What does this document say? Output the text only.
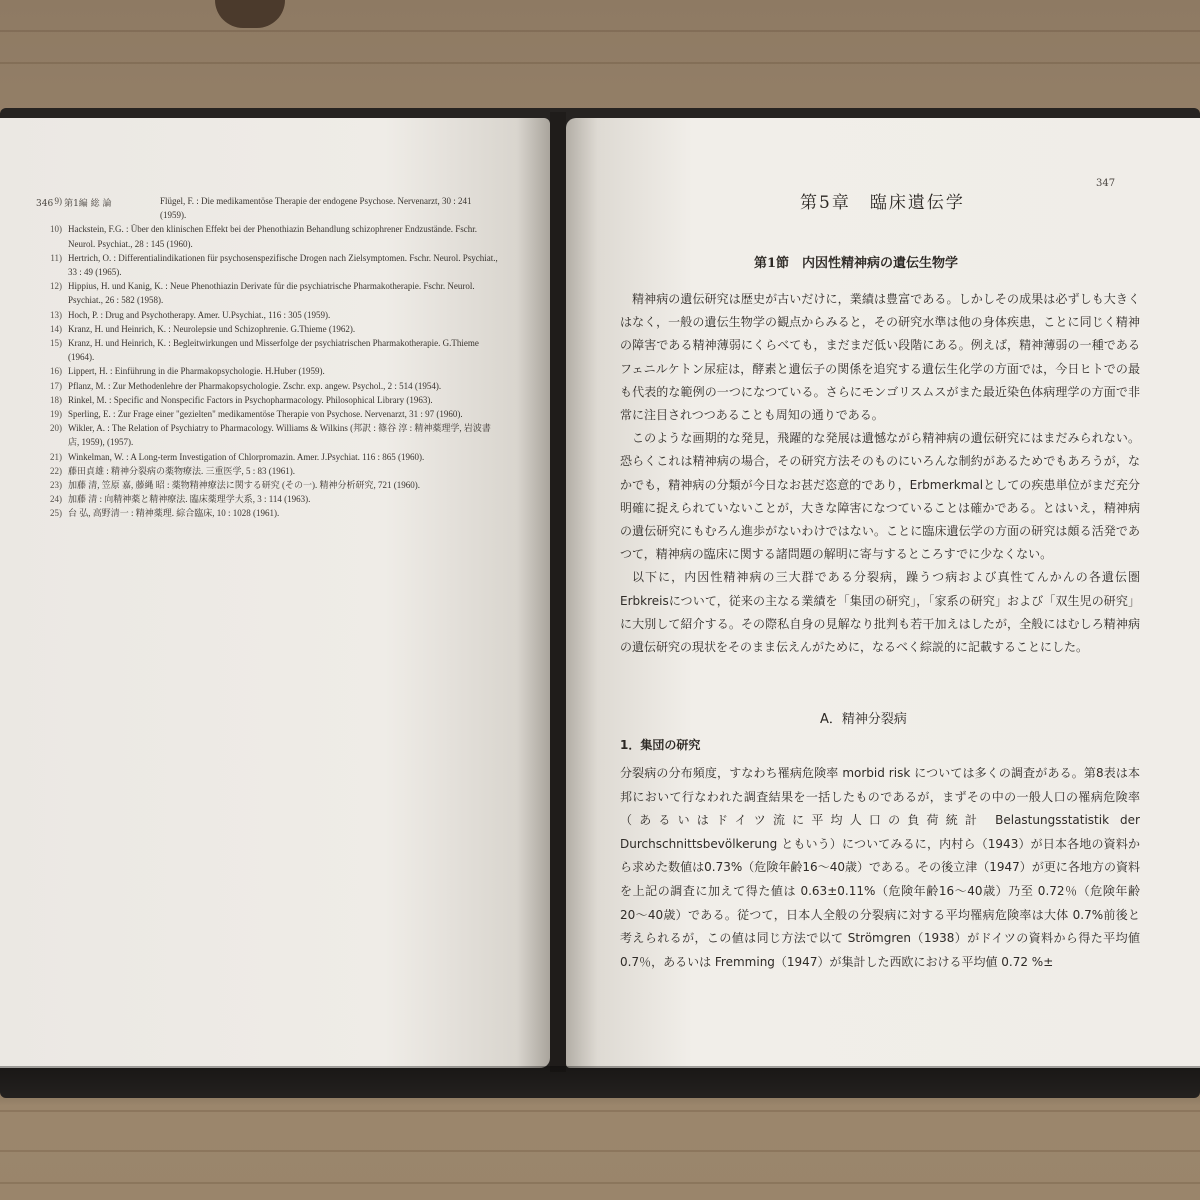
346 第1編 総 論
9)	Flügel, F. : Die medikamentöse Therapie der endogene Psychose. Nervenarzt, 30 : 241 (1959).
10) Hackstein, F.G. : Über den klinischen Effekt bei der Phenothiazin Behandlung schizophrener Endzustände. Fschr. Neurol. Psychiat., 28 : 145 (1960).
11) Hertrich, O. : Differentialindikationen für psychosenspezifische Drogen nach Zielsymptomen. Fschr. Neurol. Psychiat., 33 : 49 (1965).
12) Hippius, H. und Kanig, K. : Neue Phenothiazin Derivate für die psychiatrische Pharmakotherapie. Fschr. Neurol. Psychiat., 26 : 582 (1958).
13) Hoch, P. : Drug and Psychotherapy. Amer. U.Psychiat., 116 : 305 (1959).
14) Kranz, H. und Heinrich, K. : Neurolepsie und Schizophrenie. G.Thieme (1962).
15) Kranz, H. und Heinrich, K. : Begleitwirkungen und Misserfolge der psychiatrischen Pharmakotherapie. G.Thieme (1964).
16) Lippert, H. : Einführung in die Pharmakopsychologie. H.Huber (1959).
17) Pflanz, M. : Zur Methodenlehre der Pharmakopsychologie. Zschr. exp. angew. Psychol., 2 : 514 (1954).
18) Rinkel, M. : Specific and Nonspecific Factors in Psychopharmacology. Philosophical Library (1963).
19) Sperling, E. : Zur Frage einer "gezielten" medikamentöse Therapie von Psychose. Nervenarzt, 31 : 97 (1960).
20) Wikler, A. : The Relation of Psychiatry to Pharmacology. Williams & Wilkins (邦訳 : 篠谷 淳 : 精神薬理学, 岩波書店, 1959), (1957).
21) Winkelman, W. : A Long-term Investigation of Chlorpromazin. Amer. J.Psychiat. 116 : 865 (1960).
22) 藤田貞雄 : 精神分裂病の薬物療法. 三重医学, 5 : 83 (1961).
23) 加藤 清, 笠原 嘉, 藤縄 昭 : 薬物精神療法に関する研究 (その一). 精神分析研究, 721 (1960).
24) 加藤 清 : 向精神薬と精神療法. 臨床薬理学大系, 3 : 114 (1963).
25) 台 弘, 高野清一 : 精神薬理. 綜合臨床, 10 : 1028 (1961).
347
第5章　臨床遺伝学
第1節　内因性精神病の遺伝生物学

精神病の遺伝研究は歴史が古いだけに，業績は豊富である。しかしその成果は必ずしも大きくはなく，一般の遺伝生物学の観点からみると，その研究水準は他の身体疾患，ことに同じく精神の障害である精神薄弱にくらべても，まだまだ低い段階にある。例えば，精神薄弱の一種であるフェニルケトン尿症は，酵素と遺伝子の関係を追究する遺伝生化学の方面では，今日ヒトでの最も代表的な範例の一つになつている。さらにモンゴリスムスがまた最近染色体病理学の方面で非常に注目されつつあることも周知の通りである。

このような画期的な発見，飛躍的な発展は遺憾ながら精神病の遺伝研究にはまだみられない。恐らくこれは精神病の場合，その研究方法そのものにいろんな制約があるためでもあろうが，なかでも，精神病の分類が今日なお甚だ恣意的であり，Erbmerkmalとしての疾患単位がまだ充分明確に捉えられていないことが，大きな障害になつていることは確かである。とはいえ，精神病の遺伝研究にもむろん進歩がないわけではない。ことに臨床遺伝学の方面の研究は頗る活発であつて，精神病の臨床に関する諸問題の解明に寄与するところすでに少なくない。

以下に，内因性精神病の三大群である分裂病，躁うつ病および真性てんかんの各遺伝圏Erbkreisについて，従来の主なる業績を「集団の研究」，「家系の研究」および「双生児の研究」に大別して紹介する。その際私自身の見解なり批判も若干加えはしたが，全般にはむしろ精神病の遺伝研究の現状をそのまま伝えんがために，なるべく綜説的に記載することにした。

A．精神分裂病
1．集団の研究

分裂病の分布頻度，すなわち罹病危険率 morbid risk については多くの調査がある。第8表は本邦において行なわれた調査結果を一括したものであるが，まずその中の一般人口の罹病危険率（あるいはドイツ流に平均人口の負荷統計 Belastungsstatistik der Durchschnittsbevölkerung ともいう）についてみるに，内村ら（1943）が日本各地の資料から求めた数値は0.73%（危険年齢16〜40歳）である。その後立津（1947）が更に各地方の資料を上記の調査に加えて得た値は 0.63±0.11%（危険年齢16〜40歳）乃至 0.72％（危険年齢20〜40歳）である。従つて，日本人全般の分裂病に対する平均罹病危険率は大体 0.7%前後と考えられるが，この値は同じ方法で以て Strömgren（1938）がドイツの資料から得た平均値 0.7％，あるいは Fremming（1947）が集計した西欧における平均値 0.72 %±
